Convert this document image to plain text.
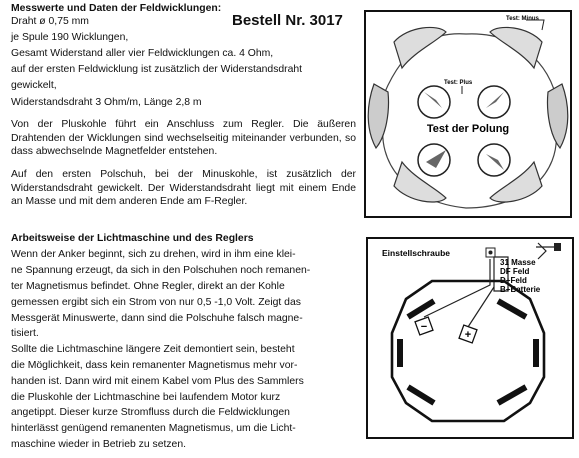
Messwerte und Daten der Feldwicklungen:
Draht ø 0,75 mm
je Spule 190 Wicklungen,
Gesamt Widerstand aller vier Feldwicklungen ca. 4 Ohm,
auf der ersten Feldwicklung ist zusätzlich der Widerstandsdraht
gewickelt,
Widerstandsdraht 3 Ohm/m, Länge 2,8 m
Bestell Nr. 3017

Von der Pluskohle führt ein Anschluss zum Regler. Die äußeren Drahtenden der Wicklungen sind wechselseitig miteinander verbunden, so dass abwechselnde Magnetfelder entstehen.

Auf den ersten Polschuh, bei der Minuskohle, ist zusätzlich der Widerstandsdraht gewickelt. Der Widerstandsdraht liegt mit einem Ende an Masse und mit dem anderen Ende am F-Regler.

Arbeitsweise der Lichtmaschine und des Reglers
Wenn der Anker beginnt, sich zu drehen, wird in ihm eine klei-
ne Spannung erzeugt, da sich in den Polschuhen noch remanen-
ter Magnetismus befindet. Ohne Regler, direkt an der Kohle
gemessen ergibt sich ein Strom von nur 0,5 -1,0 Volt. Zeigt das
Messgerät Minuswerte, dann sind die Polschuhe falsch magne-
tisiert.
Sollte die Lichtmaschine längere Zeit demontiert sein, besteht
die Möglichkeit, dass kein remanenter Magnetismus mehr vor-
handen ist. Dann wird mit einem Kabel vom Plus des Sammlers
die Pluskohle der Lichtmaschine bei laufendem Motor kurz
angetippt. Dieser kurze Stromfluss durch die Feldwicklungen
hinterlässt genügend remanenten Magnetismus, um die Licht-
maschine wieder in Betrieb zu setzen.
Test: Minus
Test: Plus
Test der Polung
Einstellschraube
31 Masse
DF Feld
D+Feld
B+Batterie
−
+
